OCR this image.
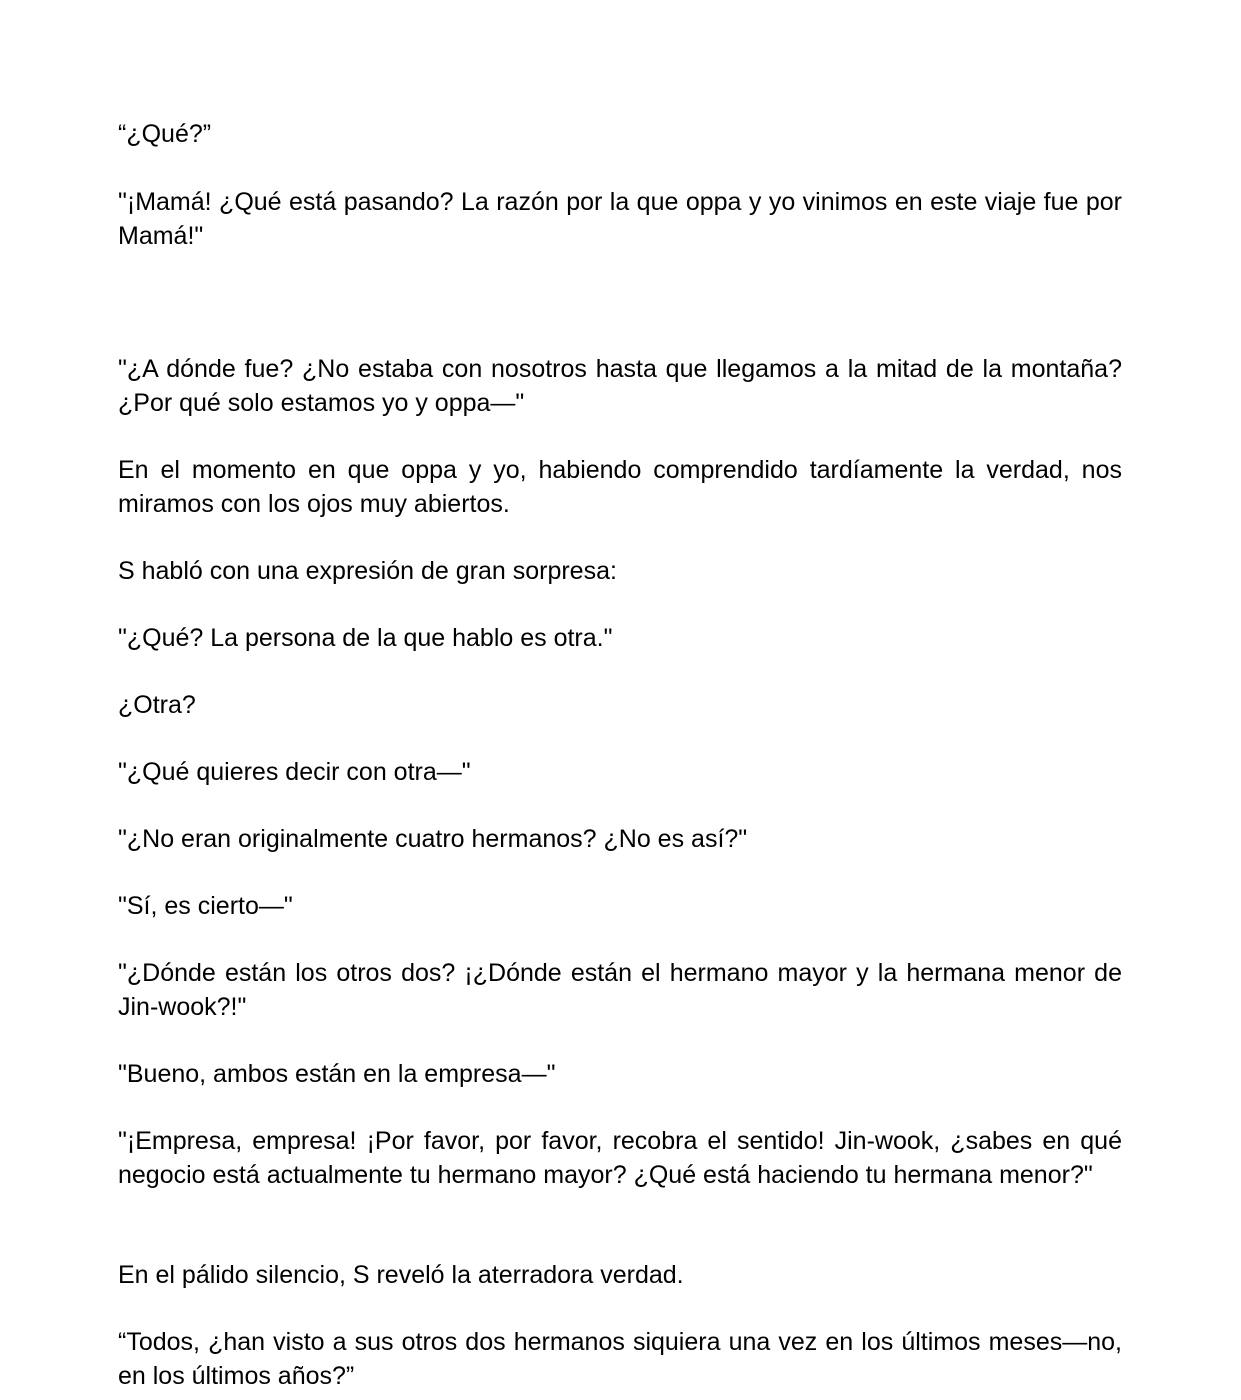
“¿Qué?”

"¡Mamá! ¿Qué está pasando? La razón por la que oppa y yo vinimos en este viaje fue por Mamá!"

"¿A dónde fue? ¿No estaba con nosotros hasta que llegamos a la mitad de la montaña? ¿Por qué solo estamos yo y oppa—"

En el momento en que oppa y yo, habiendo comprendido tardíamente la verdad, nos miramos con los ojos muy abiertos.

S habló con una expresión de gran sorpresa:

"¿Qué? La persona de la que hablo es otra."

¿Otra?

"¿Qué quieres decir con otra—"

"¿No eran originalmente cuatro hermanos? ¿No es así?"

"Sí, es cierto—"

"¿Dónde están los otros dos? ¡¿Dónde están el hermano mayor y la hermana menor de Jin-wook?!"

"Bueno, ambos están en la empresa—"

"¡Empresa, empresa! ¡Por favor, por favor, recobra el sentido! Jin-wook, ¿sabes en qué negocio está actualmente tu hermano mayor? ¿Qué está haciendo tu hermana menor?"

En el pálido silencio, S reveló la aterradora verdad.

“Todos, ¿han visto a sus otros dos hermanos siquiera una vez en los últimos meses—no, en los últimos años?”
